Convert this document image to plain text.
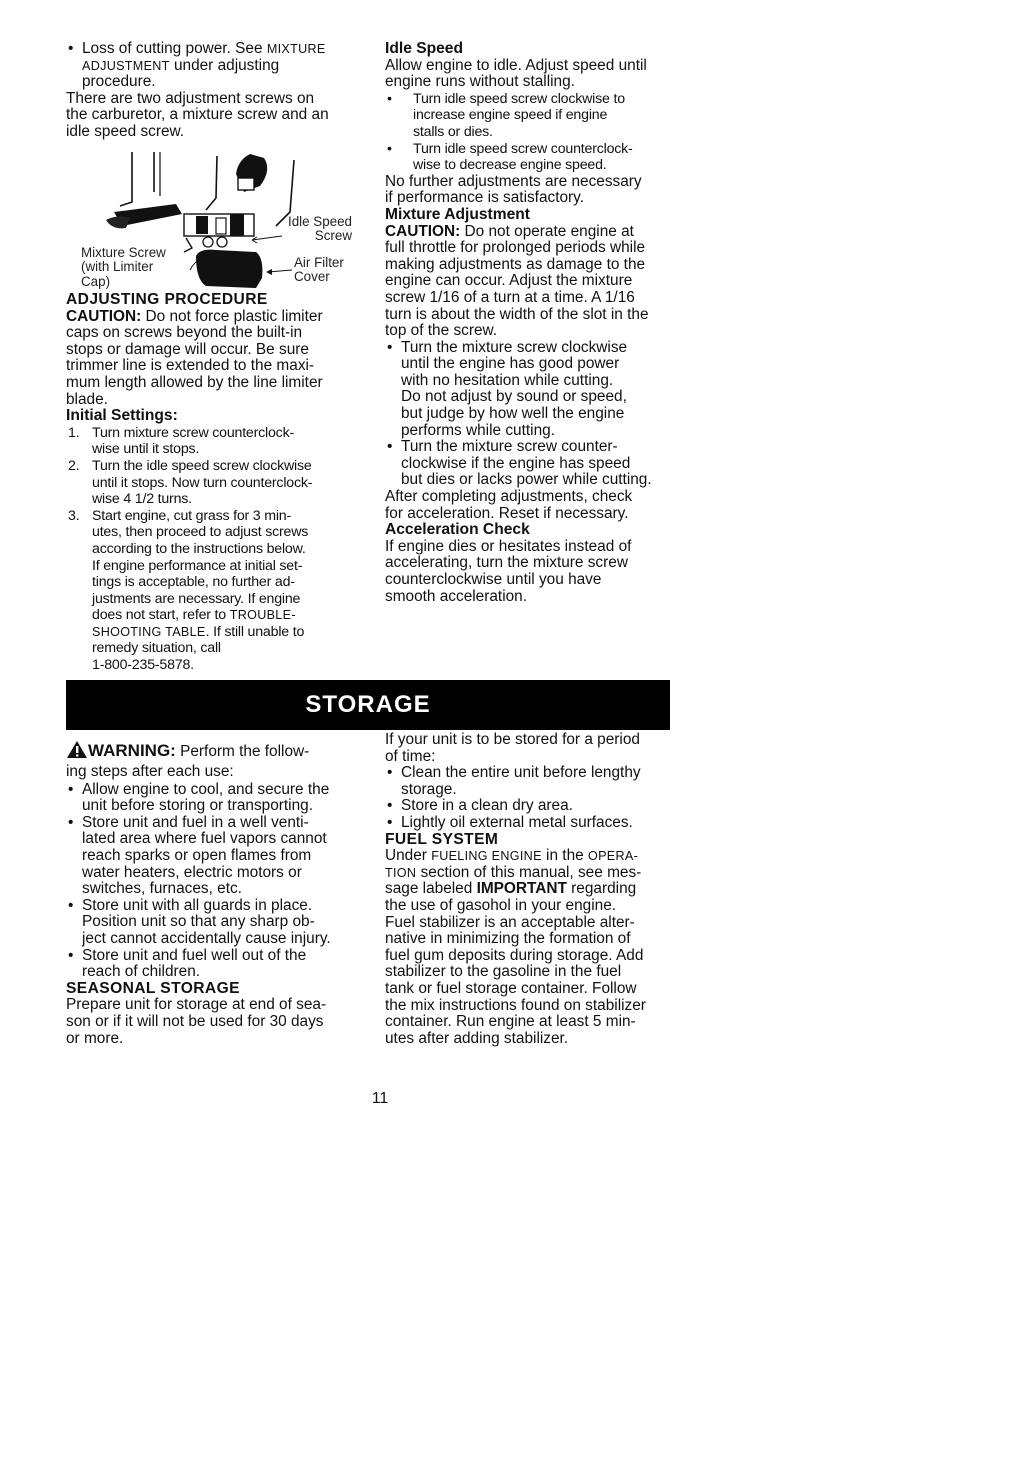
• Loss of cutting power. See MIXTURE
ADJUSTMENT under adjusting
procedure.

There are two adjustment screws on
the carburetor, a mixture screw and an
idle speed screw.

Idle Speed
Screw
Mixture Screw
(with Limiter
Cap)
Air Filter
Cover

ADJUSTING PROCEDURE

CAUTION: Do not force plastic limiter
caps on screws beyond the built-in
stops or damage will occur. Be sure
trimmer line is extended to the maxi-
mum length allowed by the line limiter
blade.

Initial Settings:

1. Turn mixture screw counterclock-
wise until it stops.
2. Turn the idle speed screw clockwise
until it stops. Now turn counterclock-
wise 4 1/2 turns.
3. Start engine, cut grass for 3 min-
utes, then proceed to adjust screws
according to the instructions below.
If engine performance at initial set-
tings is acceptable, no further ad-
justments are necessary. If engine
does not start, refer to TROUBLE-
SHOOTING TABLE. If still unable to
remedy situation, call
1-800-235-5878.

Idle Speed

Allow engine to idle. Adjust speed until
engine runs without stalling.

• Turn idle speed screw clockwise to
increase engine speed if engine
stalls or dies.
• Turn idle speed screw counterclock-
wise to decrease engine speed.

No further adjustments are necessary
if performance is satisfactory.

Mixture Adjustment

CAUTION: Do not operate engine at
full throttle for prolonged periods while
making adjustments as damage to the
engine can occur. Adjust the mixture
screw 1/16 of a turn at a time. A 1/16
turn is about the width of the slot in the
top of the screw.

• Turn the mixture screw clockwise
until the engine has good power
with no hesitation while cutting.
Do not adjust by sound or speed,
but judge by how well the engine
performs while cutting.
• Turn the mixture screw counter-
clockwise if the engine has speed
but dies or lacks power while cutting.

After completing adjustments, check
for acceleration. Reset if necessary.

Acceleration Check

If engine dies or hesitates instead of
accelerating, turn the mixture screw
counterclockwise until you have
smooth acceleration.

STORAGE

WARNING: Perform the follow-

ing steps after each use:

• Allow engine to cool, and secure the
unit before storing or transporting.
• Store unit and fuel in a well venti-
lated area where fuel vapors cannot
reach sparks or open flames from
water heaters, electric motors or
switches, furnaces, etc.
• Store unit with all guards in place.
Position unit so that any sharp ob-
ject cannot accidentally cause injury.
• Store unit and fuel well out of the
reach of children.

SEASONAL STORAGE

Prepare unit for storage at end of sea-
son or if it will not be used for 30 days
or more.

If your unit is to be stored for a period
of time:

• Clean the entire unit before lengthy
storage.
• Store in a clean dry area.
• Lightly oil external metal surfaces.

FUEL SYSTEM

Under FUELING ENGINE in the OPERA-
TION section of this manual, see mes-
sage labeled IMPORTANT regarding
the use of gasohol in your engine.

Fuel stabilizer is an acceptable alter-
native in minimizing the formation of
fuel gum deposits during storage. Add
stabilizer to the gasoline in the fuel
tank or fuel storage container. Follow
the mix instructions found on stabilizer
container. Run engine at least 5 min-
utes after adding stabilizer.

11
